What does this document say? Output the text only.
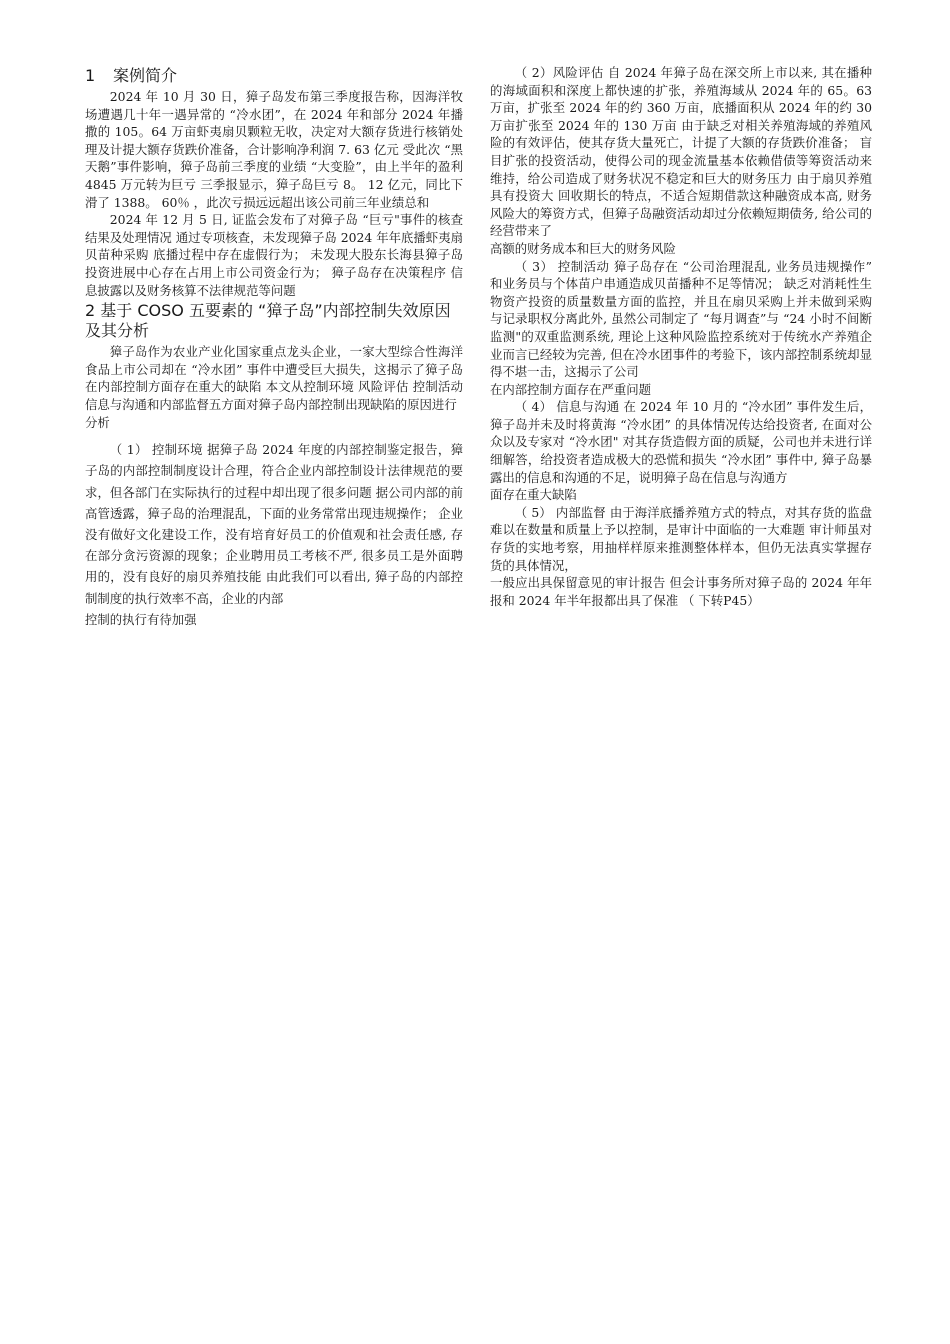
1 案例简介

2024 年 10 月 30 日，獐子岛发布第三季度报告称，因海洋牧场遭遇几十年一遇异常的 “冷水团”，在 2024 年和部分 2024 年播撒的 105。64 万亩虾夷扇贝颗粒无收，决定对大额存货进行核销处理及计提大额存货跌价准备，合计影响净利润 7. 63 亿元 受此次 “黑天鹅”事件影响，獐子岛前三季度的业绩 “大变脸”，由上半年的盈利 4845 万元转为巨亏 三季报显示，獐子岛巨亏 8。 12 亿元，同比下滑了 1388。 60％ ，此次亏损远远超出该公司前三年业绩总和

2024 年 12 月 5 日, 证监会发布了对獐子岛 “巨亏"事件的核查结果及处理情况 通过专项核查，未发现獐子岛 2024 年年底播虾夷扇贝苗种采购 底播过程中存在虚假行为； 未发现大股东长海县獐子岛投资进展中心存在占用上市公司资金行为； 獐子岛存在决策程序 信息披露以及财务核算不法律规范等问题

2 基于 COSO 五要素的 “獐子岛”内部控制失效原因及其分析

獐子岛作为农业产业化国家重点龙头企业，一家大型综合性海洋食品上市公司却在 “冷水团” 事件中遭受巨大损失，这揭示了獐子岛在内部控制方面存在重大的缺陷 本文从控制环境 风险评估 控制活动 信息与沟通和内部监督五方面对獐子岛内部控制出现缺陷的原因进行

分析

（ 1） 控制环境 据獐子岛 2024 年度的内部控制鉴定报告，獐子岛的内部控制制度设计合理，符合企业内部控制设计法律规范的要求，但各部门在实际执行的过程中却出现了很多问题 据公司内部的前高管透露，獐子岛的治理混乱，下面的业务常常出现违规操作； 企业没有做好文化建设工作，没有培育好员工的价值观和社会责任感, 存在部分贪污资源的现象；企业聘用员工考核不严, 很多员工是外面聘用的，没有良好的扇贝养殖技能 由此我们可以看出, 獐子岛的内部控制制度的执行效率不高，企业的内部

控制的执行有待加强

（ 2）风险评估 自 2024 年獐子岛在深交所上市以来, 其在播种的海域面积和深度上都快速的扩张，养殖海域从 2024 年的 65。63 万亩，扩张至 2024 年的约 360 万亩，底播面积从 2024 年的约 30 万亩扩张至 2024 年的 130 万亩 由于缺乏对相关养殖海域的养殖风险的有效评估，使其存货大量死亡，计提了大额的存货跌价准备； 盲目扩张的投资活动，使得公司的现金流量基本依赖借债等筹资活动来维持，给公司造成了财务状况不稳定和巨大的财务压力 由于扇贝养殖具有投资大 回收期长的特点，不适合短期借款这种融资成本高, 财务风险大的筹资方式，但獐子岛融资活动却过分依赖短期债务, 给公司的经营带来了

高额的财务成本和巨大的财务风险

（ 3） 控制活动 獐子岛存在 “公司治理混乱, 业务员违规操作” 和业务员与个体苗户串通造成贝苗播种不足等情况； 缺乏对消耗性生物资产投资的质量数量方面的监控，并且在扇贝采购上并未做到采购与记录职权分离此外, 虽然公司制定了 “每月调查”与 “24 小时不间断监测"的双重监测系统, 理论上这种风险监控系统对于传统水产养殖企业而言已经较为完善, 但在冷水团事件的考验下，该内部控制系统却显得不堪一击，这揭示了公司

在内部控制方面存在严重问题

（ 4） 信息与沟通 在 2024 年 10 月的 “冷水团” 事件发生后，獐子岛并未及时将黄海 “冷水团” 的具体情况传达给投资者, 在面对公众以及专家对 “冷水团" 对其存货造假方面的质疑，公司也并未进行详细解答，给投资者造成极大的恐慌和损失 “冷水团” 事件中, 獐子岛暴露出的信息和沟通的不足，说明獐子岛在信息与沟通方

面存在重大缺陷

（ 5） 内部监督 由于海洋底播养殖方式的特点，对其存货的监盘难以在数量和质量上予以控制，是审计中面临的一大难题 审计师虽对存货的实地考察，用抽样样原来推测整体样本，但仍无法真实掌握存货的具体情况，

一般应出具保留意见的审计报告 但会计事务所对獐子岛的 2024 年年报和 2024 年半年报都出具了保准 （ 下转P45）
